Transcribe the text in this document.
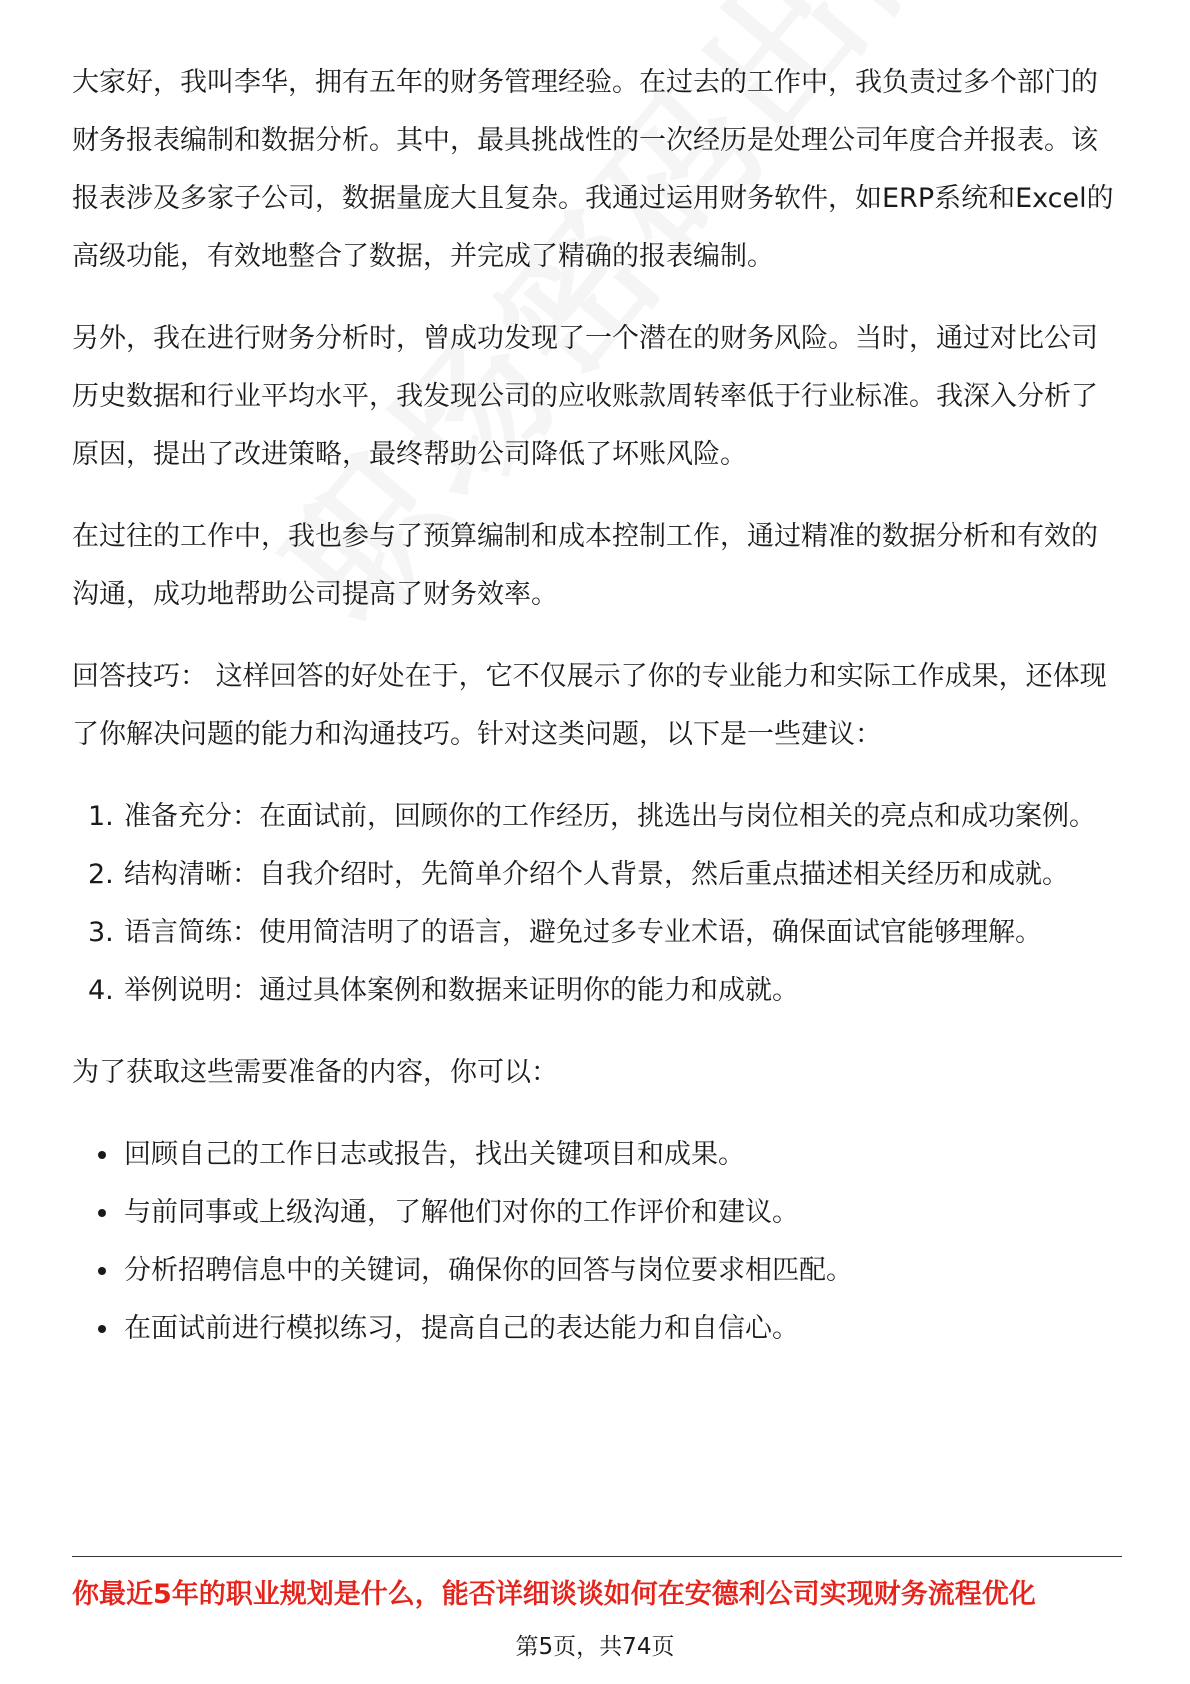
大家好，我叫李华，拥有五年的财务管理经验。在过去的工作中，我负责过多个部门的财务报表编制和数据分析。其中，最具挑战性的一次经历是处理公司年度合并报表。该报表涉及多家子公司，数据量庞大且复杂。我通过运用财务软件，如ERP系统和Excel的高级功能，有效地整合了数据，并完成了精确的报表编制。

另外，我在进行财务分析时，曾成功发现了一个潜在的财务风险。当时，通过对比公司历史数据和行业平均水平，我发现公司的应收账款周转率低于行业标准。我深入分析了原因，提出了改进策略，最终帮助公司降低了坏账风险。

在过往的工作中，我也参与了预算编制和成本控制工作，通过精准的数据分析和有效的沟通，成功地帮助公司提高了财务效率。

回答技巧： 这样回答的好处在于，它不仅展示了你的专业能力和实际工作成果，还体现了你解决问题的能力和沟通技巧。针对这类问题，以下是一些建议：

1. 准备充分：在面试前，回顾你的工作经历，挑选出与岗位相关的亮点和成功案例。
2. 结构清晰：自我介绍时，先简单介绍个人背景，然后重点描述相关经历和成就。
3. 语言简练：使用简洁明了的语言，避免过多专业术语，确保面试官能够理解。
4. 举例说明：通过具体案例和数据来证明你的能力和成就。

为了获取这些需要准备的内容，你可以：

回顾自己的工作日志或报告，找出关键项目和成果。
与前同事或上级沟通，了解他们对你的工作评价和建议。
分析招聘信息中的关键词，确保你的回答与岗位要求相匹配。
在面试前进行模拟练习，提高自己的表达能力和自信心。
你最近5年的职业规划是什么，能否详细谈谈如何在安德利公司实现财务流程优化
第5页，共74页
